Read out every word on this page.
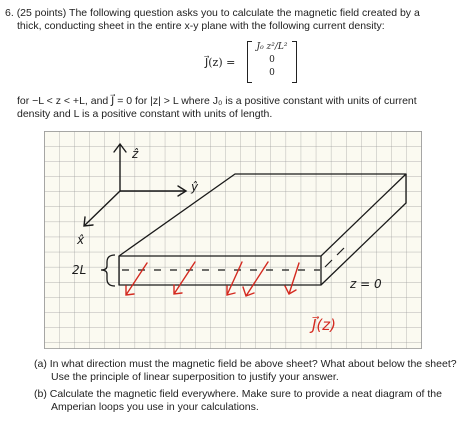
6. (25 points) The following question asks you to calculate the magnetic field created by a
thick, conducting sheet in the entire x-y plane with the following current density:
J⃗(z) =
J₀ z²/L²
0
0
for −L < z < +L, and J⃗ = 0 for |z| > L where J₀ is a positive constant with units of current
density and L is a positive constant with units of length.
ẑ
ŷ
x̂
2L
z = 0
J⃗(z)
(a) In what direction must the magnetic field be above sheet? What about below the sheet?
Use the principle of linear superposition to justify your answer.
(b) Calculate the magnetic field everywhere. Make sure to provide a neat diagram of the
Amperian loops you use in your calculations.
